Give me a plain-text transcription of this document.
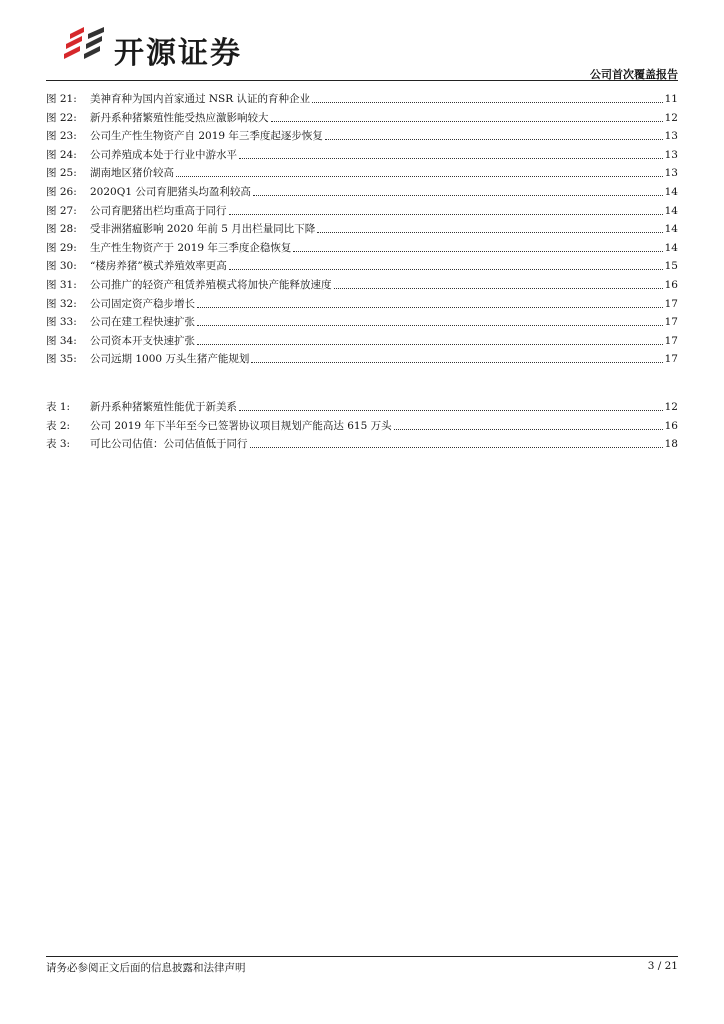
开源证券
公司首次覆盖报告
图 21:	美神育种为国内首家通过 NSR 认证的育种企业	11
图 22:	新丹系种猪繁殖性能受热应激影响较大	12
图 23:	公司生产性生物资产自 2019 年三季度起逐步恢复	13
图 24:	公司养殖成本处于行业中游水平	13
图 25:	湖南地区猪价较高	13
图 26:	2020Q1 公司育肥猪头均盈利较高	14
图 27:	公司育肥猪出栏均重高于同行	14
图 28:	受非洲猪瘟影响 2020 年前 5 月出栏量同比下降	14
图 29:	生产性生物资产于 2019 年三季度企稳恢复	14
图 30:	“楼房养猪”模式养殖效率更高	15
图 31:	公司推广的轻资产租赁养殖模式将加快产能释放速度	16
图 32:	公司固定资产稳步增长	17
图 33:	公司在建工程快速扩张	17
图 34:	公司资本开支快速扩张	17
图 35:	公司远期 1000 万头生猪产能规划	17
表 1:	新丹系种猪繁殖性能优于新美系	12
表 2:	公司 2019 年下半年至今已签署协议项目规划产能高达 615 万头	16
表 3:	可比公司估值：公司估值低于同行	18
请务必参阅正文后面的信息披露和法律声明	3 / 21
